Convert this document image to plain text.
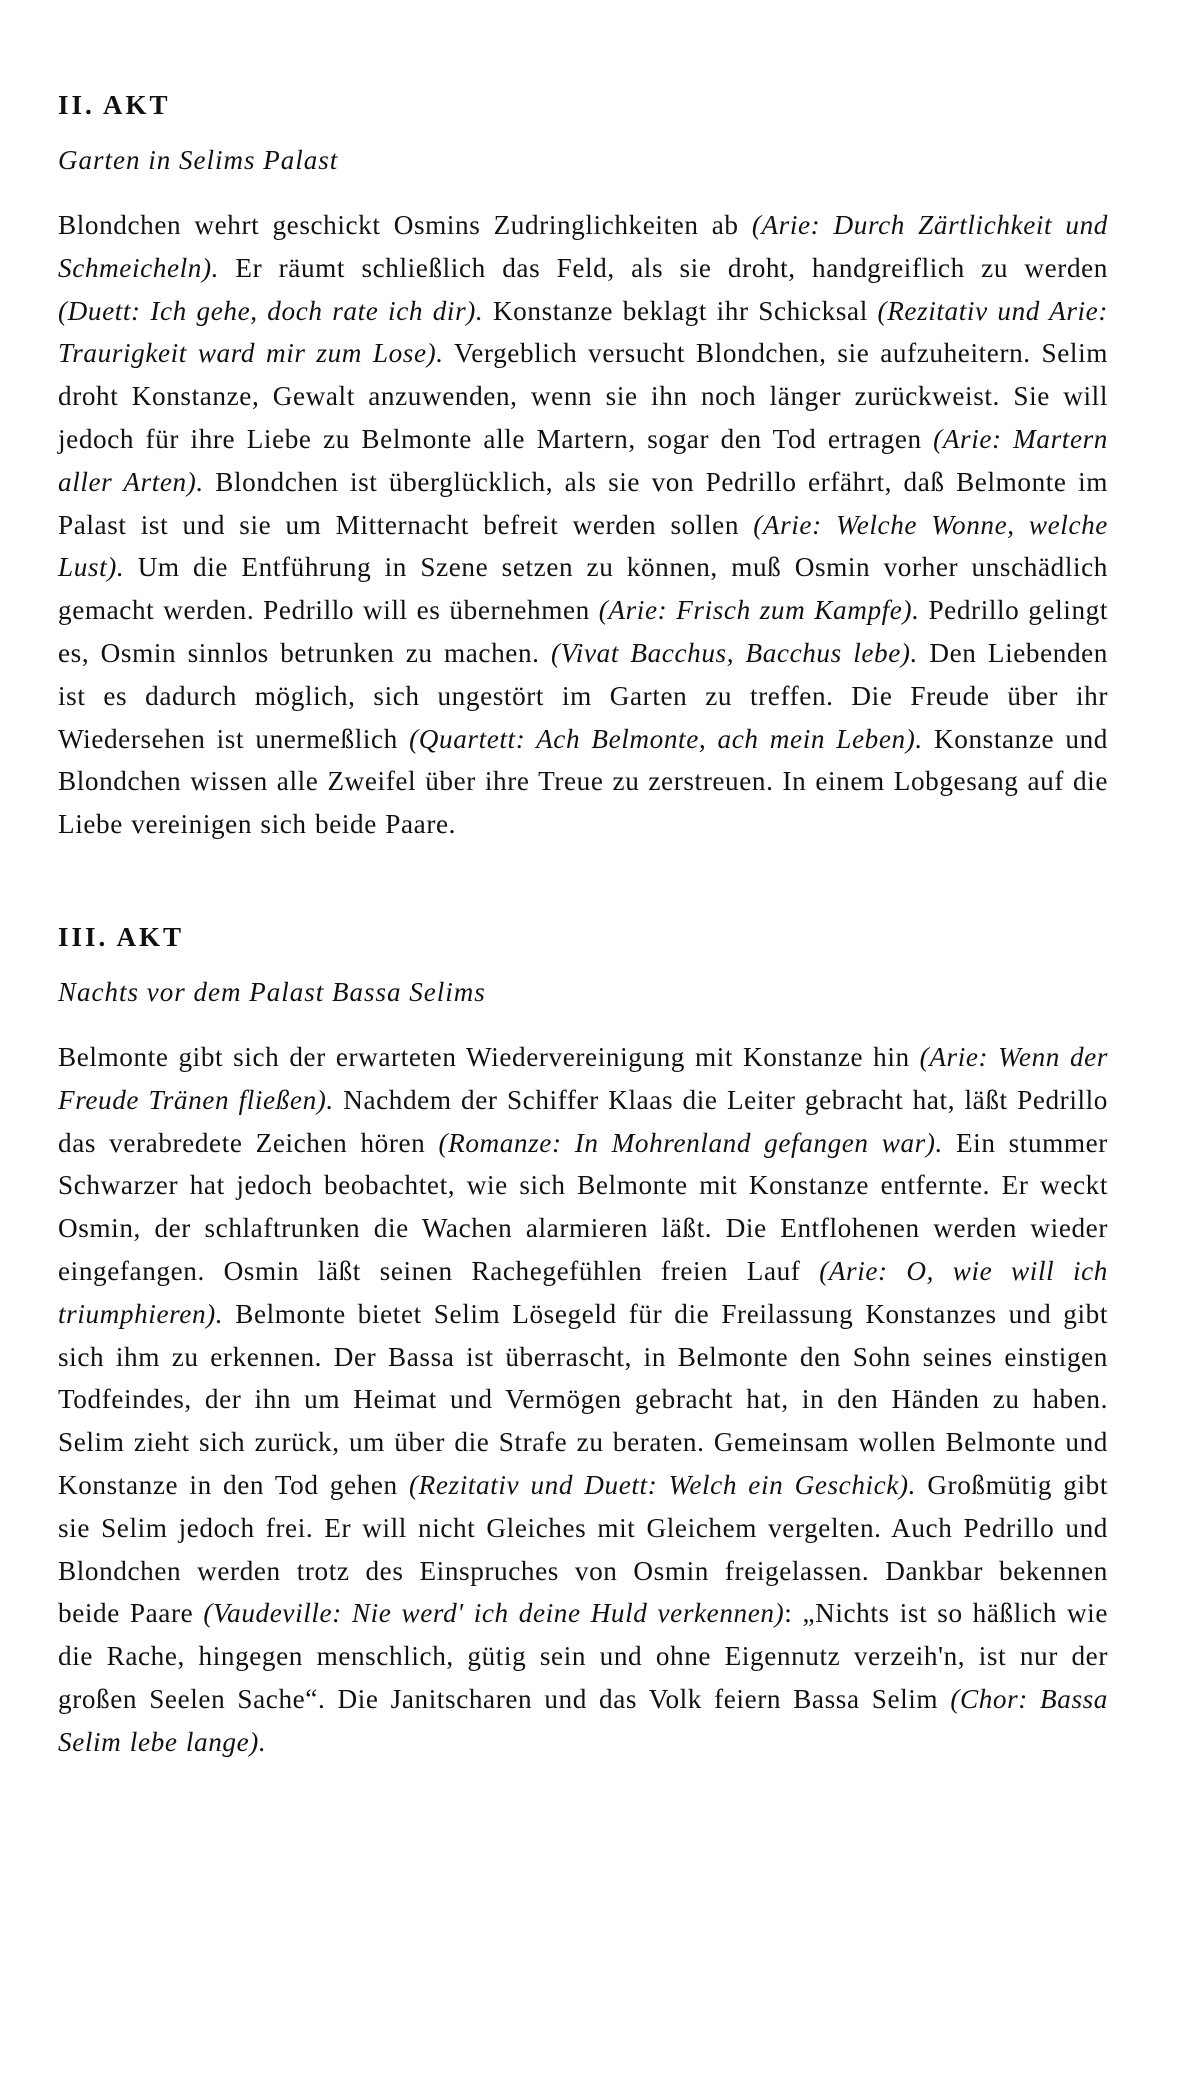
II. AKT
Garten in Selims Palast

Blondchen wehrt geschickt Osmins Zudringlichkeiten ab (Arie: Durch Zärtlichkeit und Schmeicheln). Er räumt schließlich das Feld, als sie droht, handgreiflich zu werden (Duett: Ich gehe, doch rate ich dir). Konstanze beklagt ihr Schicksal (Rezitativ und Arie: Traurigkeit ward mir zum Lose). Vergeblich versucht Blondchen, sie aufzuheitern. Selim droht Konstanze, Gewalt anzuwenden, wenn sie ihn noch länger zurückweist. Sie will jedoch für ihre Liebe zu Belmonte alle Martern, sogar den Tod ertragen (Arie: Martern aller Arten). Blondchen ist überglücklich, als sie von Pedrillo erfährt, daß Belmonte im Palast ist und sie um Mitternacht befreit werden sollen (Arie: Welche Wonne, welche Lust). Um die Entführung in Szene setzen zu können, muß Osmin vorher unschädlich gemacht werden. Pedrillo will es übernehmen (Arie: Frisch zum Kampfe). Pedrillo gelingt es, Osmin sinnlos betrunken zu machen. (Vivat Bacchus, Bacchus lebe). Den Liebenden ist es dadurch möglich, sich ungestört im Garten zu treffen. Die Freude über ihr Wiedersehen ist unermeßlich (Quartett: Ach Belmonte, ach mein Leben). Konstanze und Blondchen wissen alle Zweifel über ihre Treue zu zerstreuen. In einem Lobgesang auf die Liebe vereinigen sich beide Paare.

III. AKT
Nachts vor dem Palast Bassa Selims

Belmonte gibt sich der erwarteten Wiedervereinigung mit Konstanze hin (Arie: Wenn der Freude Tränen fließen). Nachdem der Schiffer Klaas die Leiter gebracht hat, läßt Pedrillo das verabredete Zeichen hören (Romanze: In Mohrenland gefangen war). Ein stummer Schwarzer hat jedoch beobachtet, wie sich Belmonte mit Konstanze entfernte. Er weckt Osmin, der schlaftrunken die Wachen alarmieren läßt. Die Entflohenen werden wieder eingefangen. Osmin läßt seinen Rachegefühlen freien Lauf (Arie: O, wie will ich triumphieren). Belmonte bietet Selim Lösegeld für die Freilassung Konstanzes und gibt sich ihm zu erkennen. Der Bassa ist überrascht, in Belmonte den Sohn seines einstigen Todfeindes, der ihn um Heimat und Vermögen gebracht hat, in den Händen zu haben. Selim zieht sich zurück, um über die Strafe zu beraten. Gemeinsam wollen Belmonte und Konstanze in den Tod gehen (Rezitativ und Duett: Welch ein Geschick). Großmütig gibt sie Selim jedoch frei. Er will nicht Gleiches mit Gleichem vergelten. Auch Pedrillo und Blondchen werden trotz des Einspruches von Osmin freigelassen. Dankbar bekennen beide Paare (Vaudeville: Nie werd' ich deine Huld verkennen): „Nichts ist so häßlich wie die Rache, hingegen menschlich, gütig sein und ohne Eigennutz verzeih'n, ist nur der großen Seelen Sache“. Die Janitscharen und das Volk feiern Bassa Selim (Chor: Bassa Selim lebe lange).
